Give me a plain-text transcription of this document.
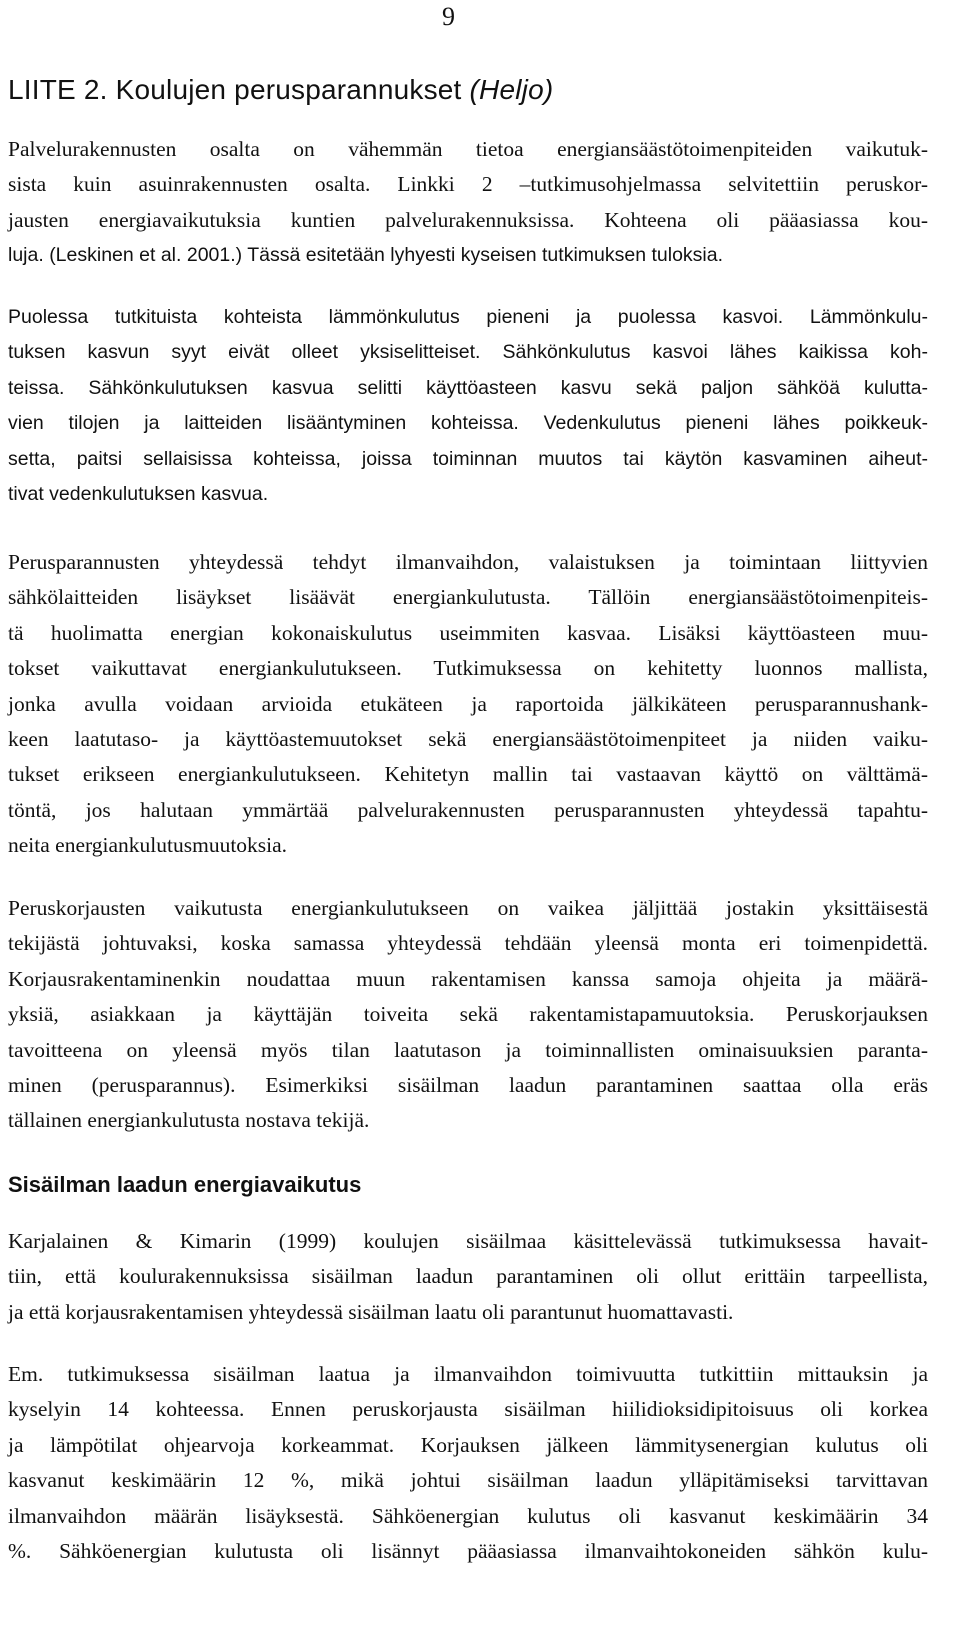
9
LIITE 2. Koulujen perusparannukset (Heljo)
Palvelurakennusten osalta on vähemmän tietoa energiansäästötoimenpiteiden vaikutuk-
sista kuin asuinrakennusten osalta. Linkki 2 –tutkimusohjelmassa selvitettiin peruskor-
jausten energiavaikutuksia kuntien palvelurakennuksissa. Kohteena oli pääasiassa kou-
luja. (Leskinen et al. 2001.) Tässä esitetään lyhyesti kyseisen tutkimuksen tuloksia.
Puolessa tutkituista kohteista lämmönkulutus pieneni ja puolessa kasvoi. Lämmönkulu-
tuksen kasvun syyt eivät olleet yksiselitteiset. Sähkönkulutus kasvoi lähes kaikissa koh-
teissa. Sähkönkulutuksen kasvua selitti käyttöasteen kasvu sekä paljon sähköä kulutta-
vien tilojen ja laitteiden lisääntyminen kohteissa. Vedenkulutus pieneni lähes poikkeuk-
setta, paitsi sellaisissa kohteissa, joissa toiminnan muutos tai käytön kasvaminen aiheut-
tivat vedenkulutuksen kasvua.
Perusparannusten yhteydessä tehdyt ilmanvaihdon, valaistuksen ja toimintaan liittyvien
sähkölaitteiden lisäykset lisäävät energiankulutusta. Tällöin energiansäästötoimenpiteis-
tä huolimatta energian kokonaiskulutus useimmiten kasvaa. Lisäksi käyttöasteen muu-
tokset vaikuttavat energiankulutukseen. Tutkimuksessa on kehitetty luonnos mallista,
jonka avulla voidaan arvioida etukäteen ja raportoida jälkikäteen perusparannushank-
keen laatutaso- ja käyttöastemuutokset sekä energiansäästötoimenpiteet ja niiden vaiku-
tukset erikseen energiankulutukseen. Kehitetyn mallin tai vastaavan käyttö on välttämä-
töntä, jos halutaan ymmärtää palvelurakennusten perusparannusten yhteydessä tapahtu-
neita energiankulutusmuutoksia.
Peruskorjausten vaikutusta energiankulutukseen on vaikea jäljittää jostakin yksittäisestä
tekijästä johtuvaksi, koska samassa yhteydessä tehdään yleensä monta eri toimenpidettä.
Korjausrakentaminenkin noudattaa muun rakentamisen kanssa samoja ohjeita ja määrä-
yksiä, asiakkaan ja käyttäjän toiveita sekä rakentamistapamuutoksia. Peruskorjauksen
tavoitteena on yleensä myös tilan laatutason ja toiminnallisten ominaisuuksien paranta-
minen (perusparannus). Esimerkiksi sisäilman laadun parantaminen saattaa olla eräs
tällainen energiankulutusta nostava tekijä.
Sisäilman laadun energiavaikutus
Karjalainen & Kimarin (1999) koulujen sisäilmaa käsittelevässä tutkimuksessa havait-
tiin, että koulurakennuksissa sisäilman laadun parantaminen oli ollut erittäin tarpeellista,
ja että korjausrakentamisen yhteydessä sisäilman laatu oli parantunut huomattavasti.
Em. tutkimuksessa sisäilman laatua ja ilmanvaihdon toimivuutta tutkittiin mittauksin ja
kyselyin 14 kohteessa. Ennen peruskorjausta sisäilman hiilidioksidipitoisuus oli korkea
ja lämpötilat ohjearvoja korkeammat. Korjauksen jälkeen lämmitysenergian kulutus oli
kasvanut keskimäärin 12 %, mikä johtui sisäilman laadun ylläpitämiseksi tarvittavan
ilmanvaihdon määrän lisäyksestä. Sähköenergian kulutus oli kasvanut keskimäärin 34
%. Sähköenergian kulutusta oli lisännyt pääasiassa ilmanvaihtokoneiden sähkön kulu-
